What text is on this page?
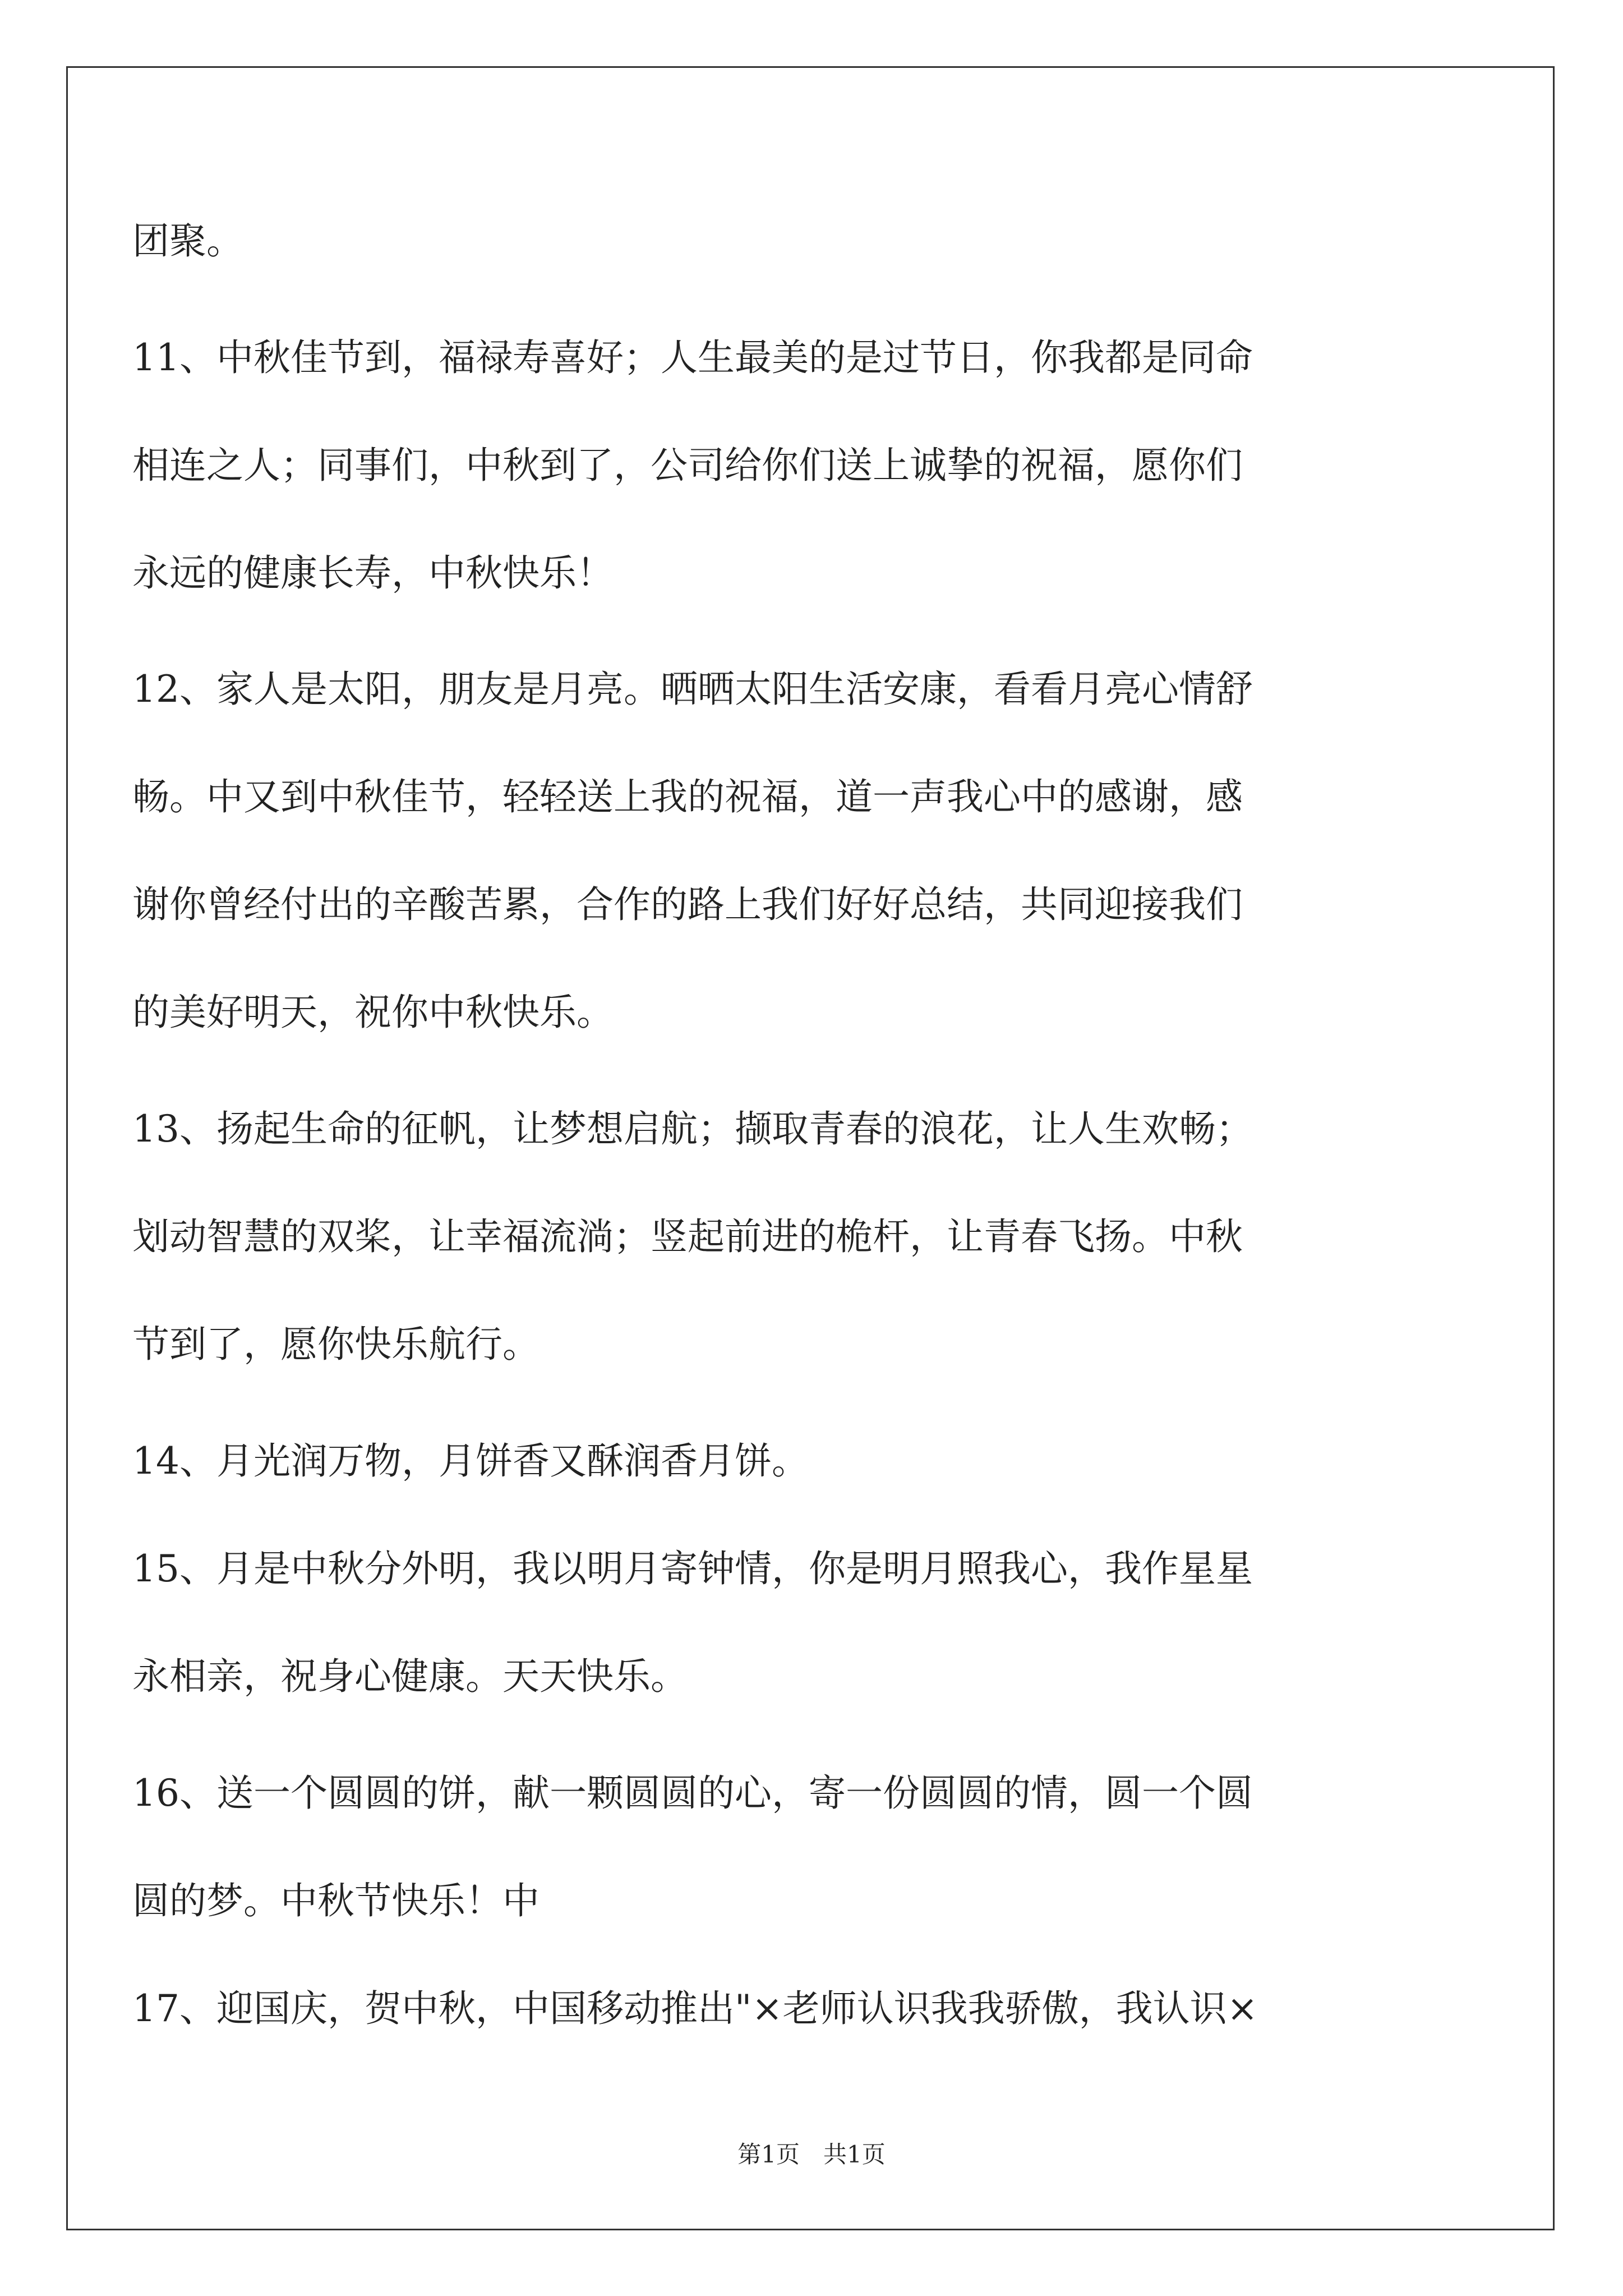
团聚。
11、中秋佳节到，福禄寿喜好；人生最美的是过节日，你我都是同命
相连之人；同事们，中秋到了，公司给你们送上诚挚的祝福，愿你们
永远的健康长寿，中秋快乐！
12、家人是太阳，朋友是月亮。晒晒太阳生活安康，看看月亮心情舒
畅。中又到中秋佳节，轻轻送上我的祝福，道一声我心中的感谢，感
谢你曾经付出的辛酸苦累，合作的路上我们好好总结，共同迎接我们
的美好明天，祝你中秋快乐。
13、扬起生命的征帆，让梦想启航；撷取青春的浪花，让人生欢畅；
划动智慧的双桨，让幸福流淌；竖起前进的桅杆，让青春飞扬。中秋
节到了，愿你快乐航行。
14、月光润万物，月饼香又酥润香月饼。
15、月是中秋分外明，我以明月寄钟情，你是明月照我心，我作星星
永相亲，祝身心健康。天天快乐。
16、送一个圆圆的饼，献一颗圆圆的心，寄一份圆圆的情，圆一个圆
圆的梦。中秋节快乐！中
17、迎国庆，贺中秋，中国移动推出"×老师认识我我骄傲，我认识×
第1页　共1页
